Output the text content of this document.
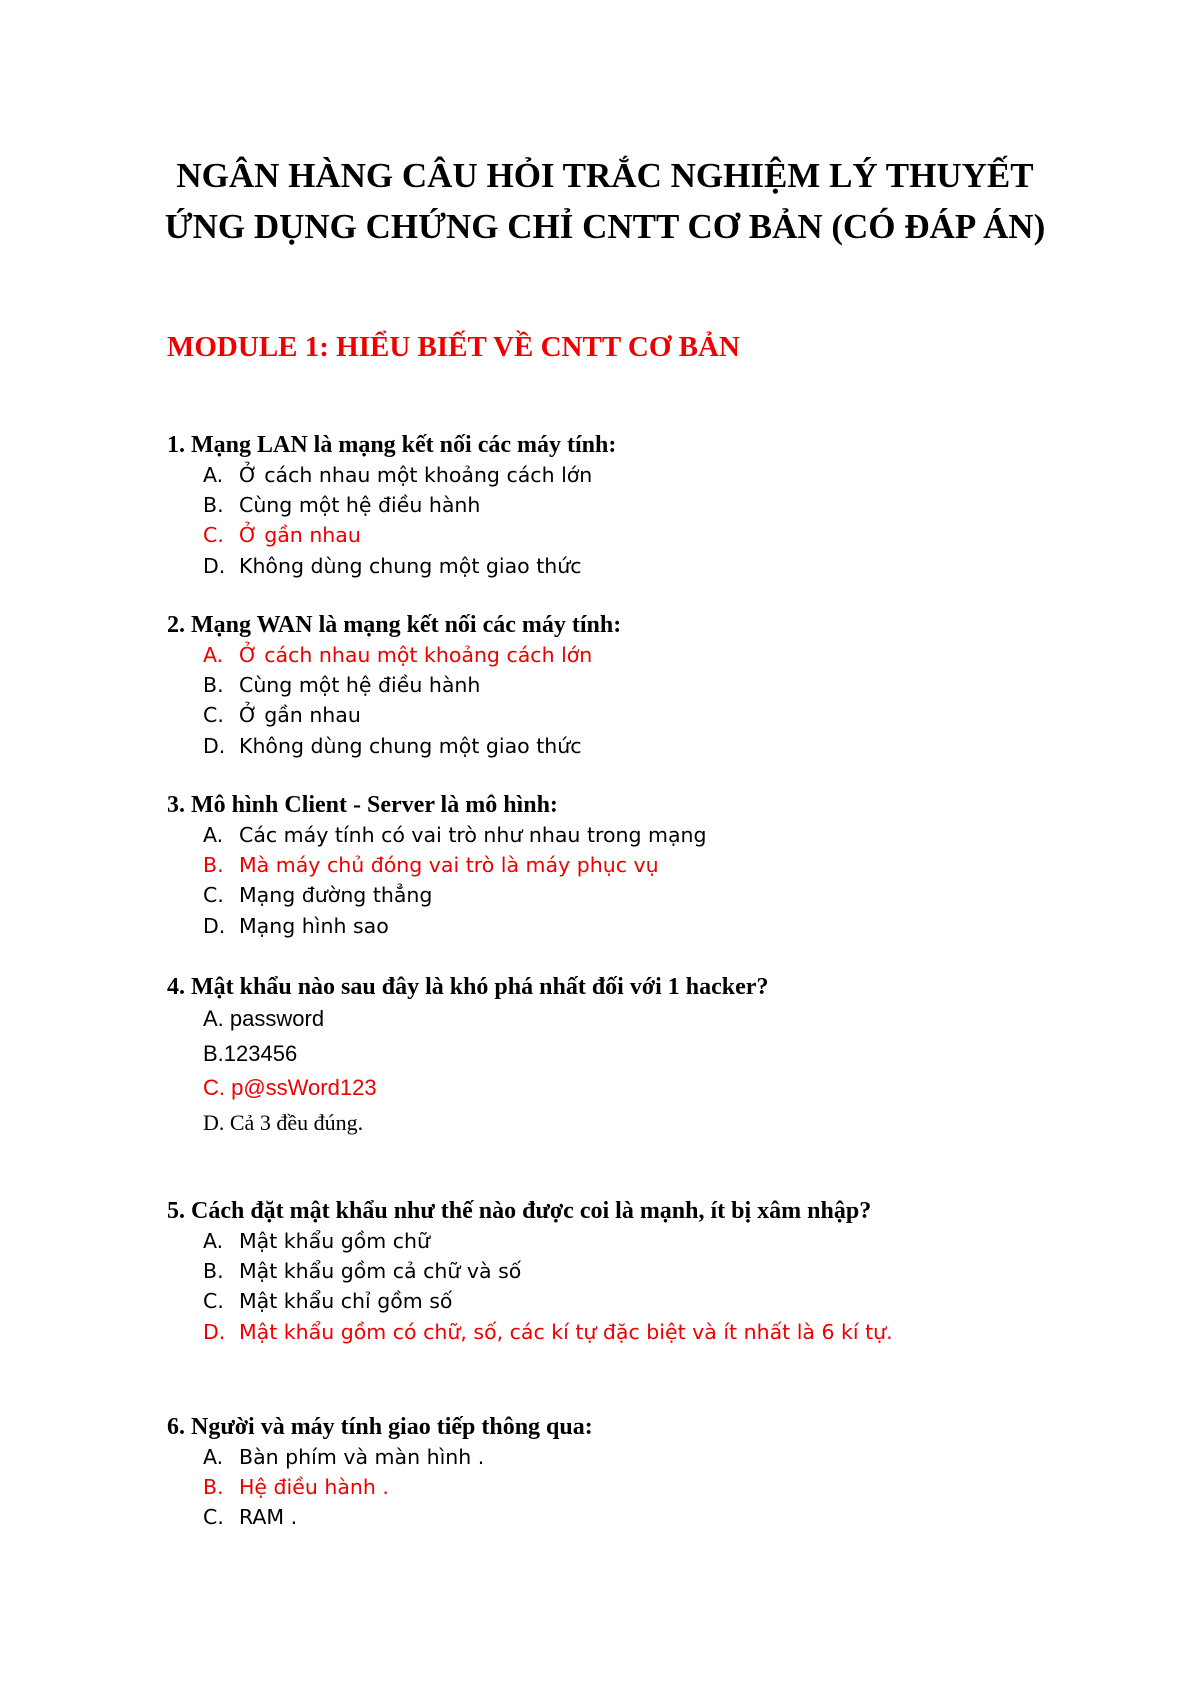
NGÂN HÀNG CÂU HỎI TRẮC NGHIỆM LÝ THUYẾT ỨNG DỤNG CHỨNG CHỈ CNTT CƠ BẢN (CÓ ĐÁP ÁN)
MODULE 1: HIỂU BIẾT VỀ CNTT CƠ BẢN

1. Mạng LAN là mạng kết nối các máy tính:

A. Ở cách nhau một khoảng cách lớn
B. Cùng một hệ điều hành
C. Ở gần nhau
D. Không dùng chung một giao thức

2. Mạng WAN là mạng kết nối các máy tính:

A. Ở cách nhau một khoảng cách lớn
B. Cùng một hệ điều hành
C. Ở gần nhau
D. Không dùng chung một giao thức

3. Mô hình Client - Server là mô hình:

A. Các máy tính có vai trò như nhau trong mạng
B. Mà máy chủ đóng vai trò là máy phục vụ
C. Mạng đường thẳng
D. Mạng hình sao

4. Mật khẩu nào sau đây là khó phá nhất đối với 1 hacker?

A. password
B.123456
C. p@ssWord123
D. Cả 3 đều đúng.

5. Cách đặt mật khẩu như thế nào được coi là mạnh, ít bị xâm nhập?

A. Mật khẩu gồm chữ
B. Mật khẩu gồm cả chữ và số
C. Mật khẩu chỉ gồm số
D. Mật khẩu gồm có chữ, số, các kí tự đặc biệt và ít nhất là 6 kí tự.

6. Người và máy tính giao tiếp thông qua:

A. Bàn phím và màn hình .
B. Hệ điều hành .
C. RAM .
